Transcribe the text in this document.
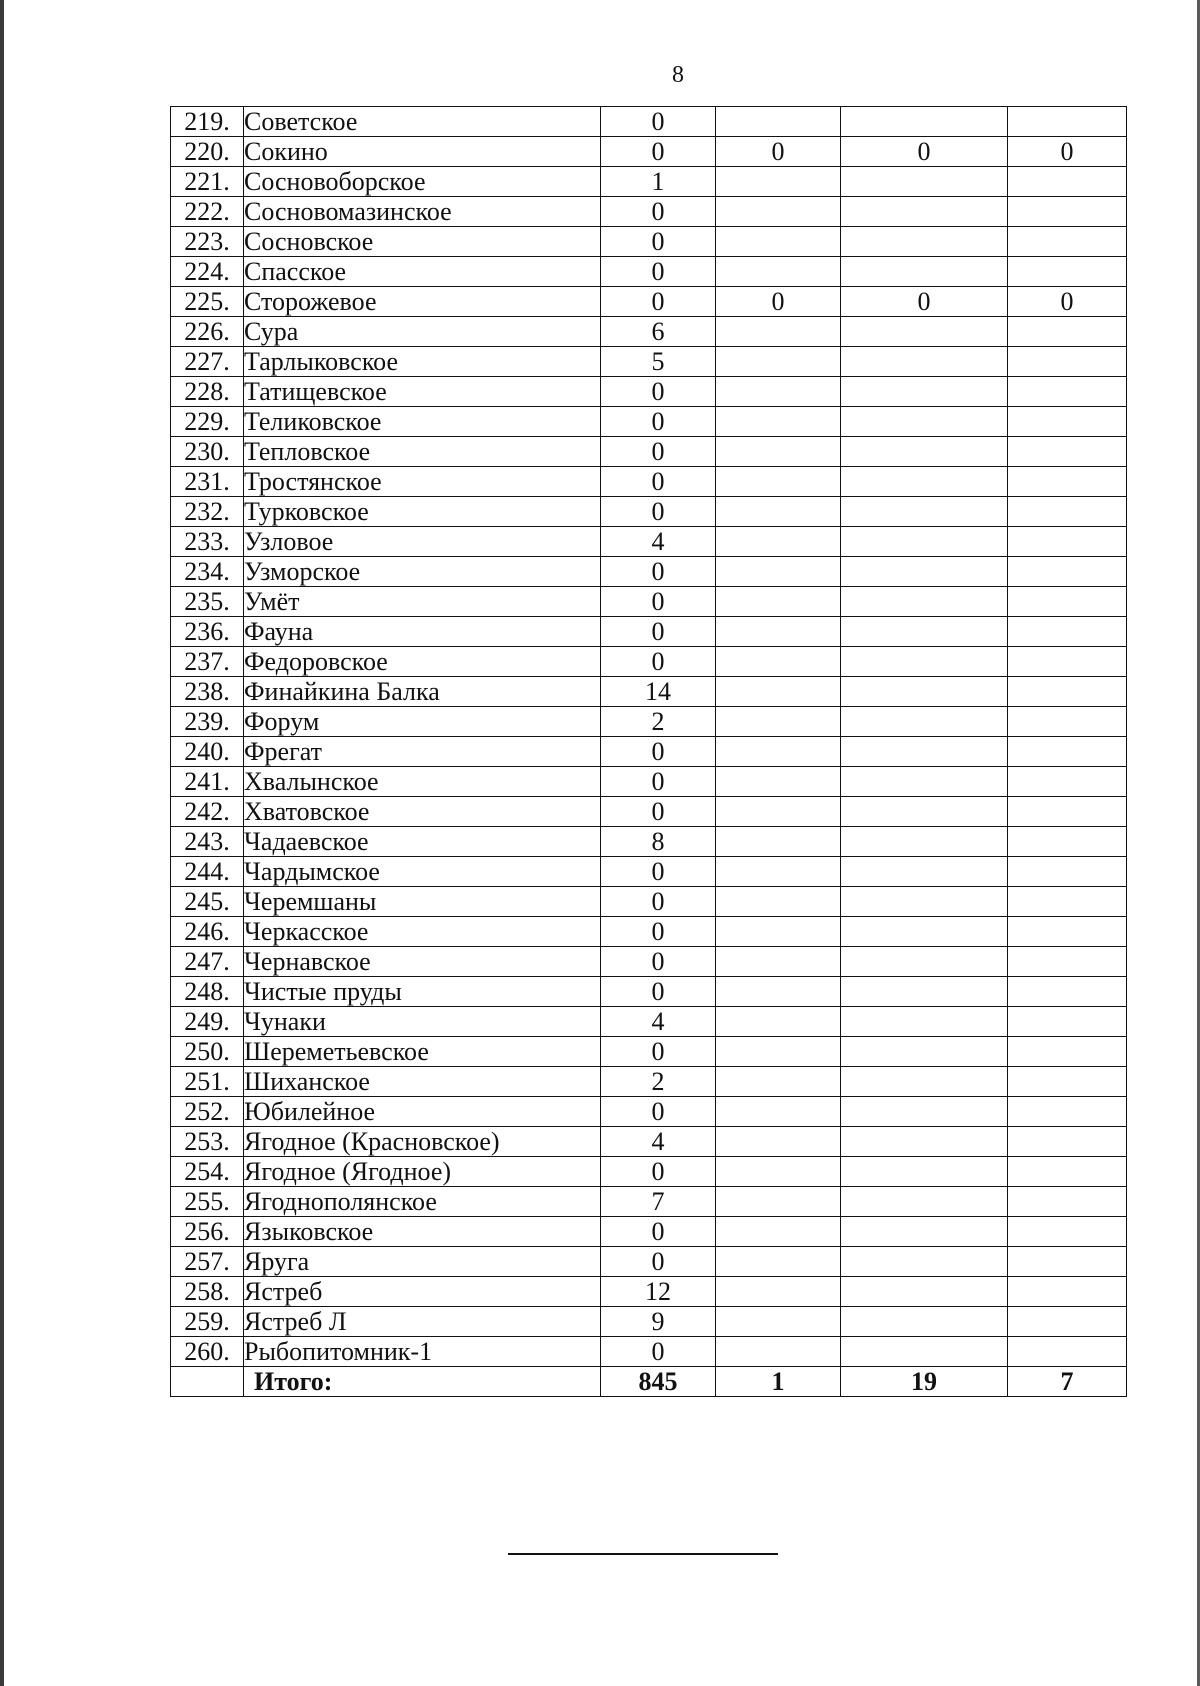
8
219.	Советское	0			
220.	Сокино	0	0	0	0
221.	Сосновоборское	1			
222.	Сосновомазинское	0			
223.	Сосновское	0			
224.	Спасское	0			
225.	Сторожевое	0	0	0	0
226.	Сура	6			
227.	Тарлыковское	5			
228.	Татищевское	0			
229.	Теликовское	0			
230.	Тепловское	0			
231.	Тростянское	0			
232.	Турковское	0			
233.	Узловое	4			
234.	Узморское	0			
235.	Умёт	0			
236.	Фауна	0			
237.	Федоровское	0			
238.	Финайкина Балка	14			
239.	Форум	2			
240.	Фрегат	0			
241.	Хвалынское	0			
242.	Хватовское	0			
243.	Чадаевское	8			
244.	Чардымское	0			
245.	Черемшаны	0			
246.	Черкасское	0			
247.	Чернавское	0			
248.	Чистые пруды	0			
249.	Чунаки	4			
250.	Шереметьевское	0			
251.	Шиханское	2			
252.	Юбилейное	0			
253.	Ягодное (Красновское)	4			
254.	Ягодное (Ягодное)	0			
255.	Ягоднополянское	7			
256.	Языковское	0			
257.	Яруга	0			
258.	Ястреб	12			
259.	Ястреб Л	9			
260.	Рыбопитомник-1	0			
	Итого:	845	1	19	7
